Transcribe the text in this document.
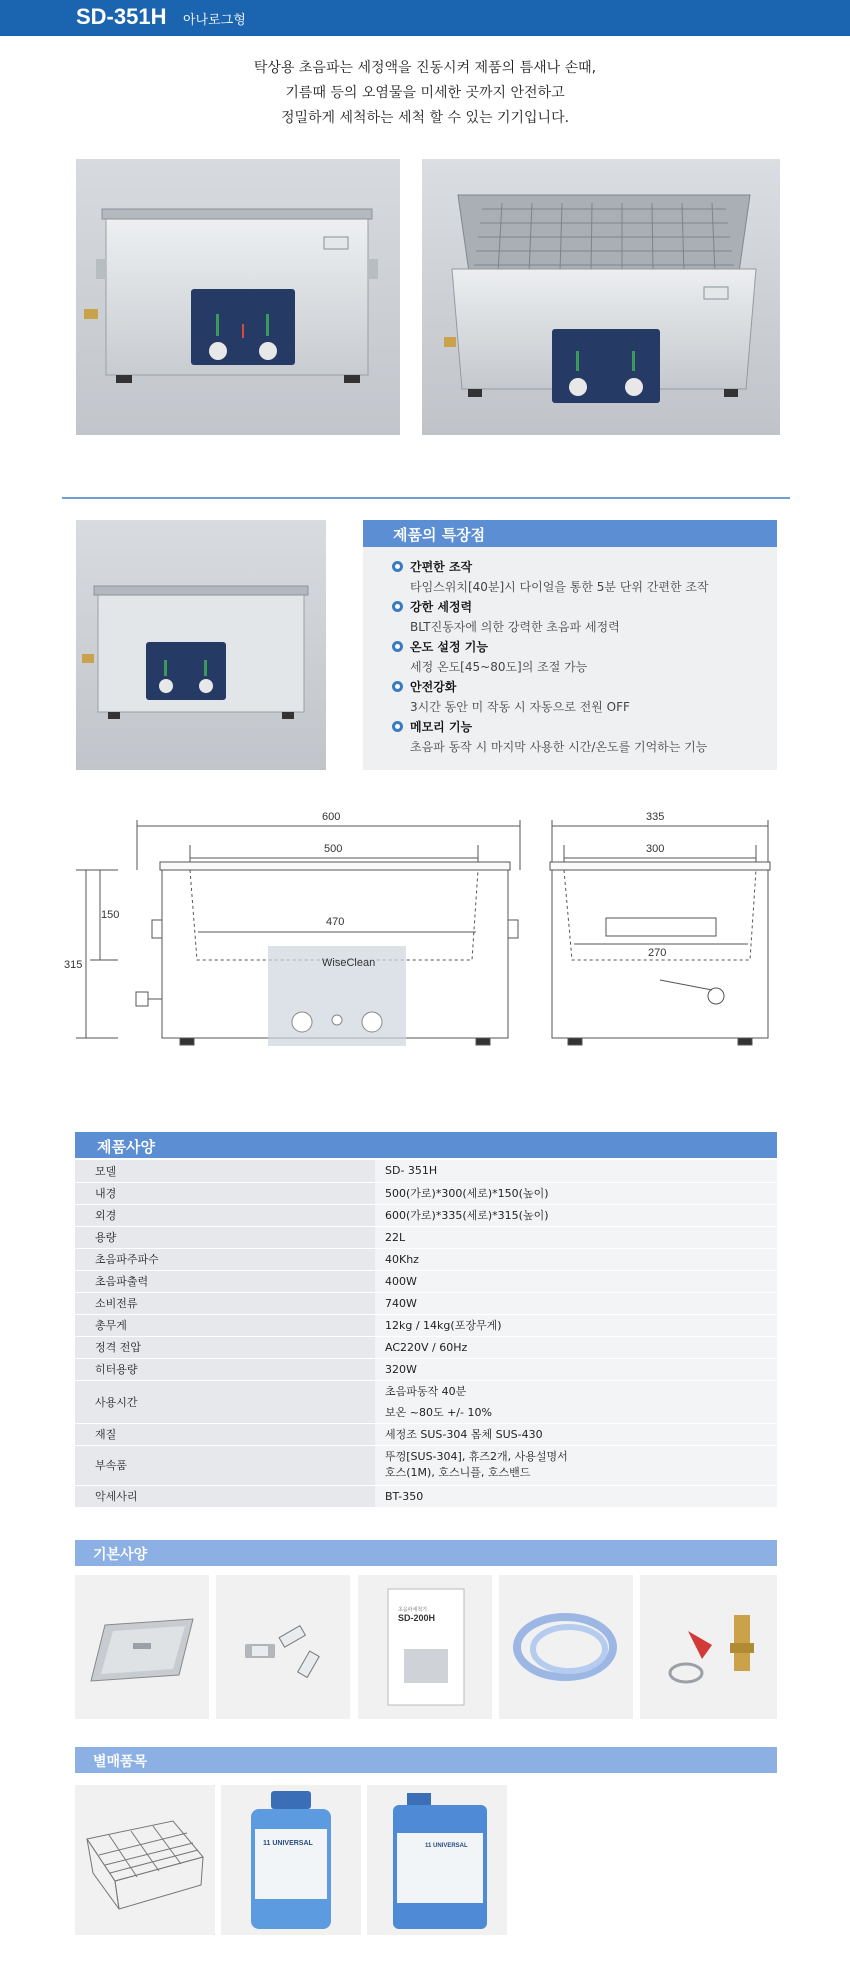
SD-351H 아나로그형
탁상용 초음파는 세정액을 진동시켜 제품의 틈새나 손때,
기름때 등의 오염물을 미세한 곳까지 안전하고
정밀하게 세척하는 세척 할 수 있는 기기입니다.
제품의 특장점
간편한 조작
타임스위치[40분]시 다이얼을 통한 5분 단위 간편한 조작
강한 세정력
BLT진동자에 의한 강력한 초음파 세정력
온도 설정 기능
세정 온도[45~80도]의 조절 가능
안전강화
3시간 동안 미 작동 시 자동으로 전원 OFF
메모리 기능
초음파 동작 시 마지막 사용한 시간/온도를 기억하는 기능
WiseClean
600
500
470
315
150
335
300
270
제품사양
모델	SD- 351H
내경	500(가로)*300(세로)*150(높이)
외경	600(가로)*335(세로)*315(높이)
용량	22L
초음파주파수	40Khz
초음파출력	400W
소비전류	740W
총무게	12kg / 14kg(포장무게)
정격 전압	AC220V / 60Hz
히터용량	320W
사용시간	초음파동작 40분
보온 ~80도 +/- 10%

재질	세정조 SUS-304 몸체 SUS-430
부속품	뚜껑[SUS-304], 휴즈2개, 사용설명서
호스(1M), 호스니플, 호스밴드

악세사리	BT-350
기본사양
초음파세척기
SD-200H
별매품목
11 UNIVERSAL	11 UNIVERSAL
